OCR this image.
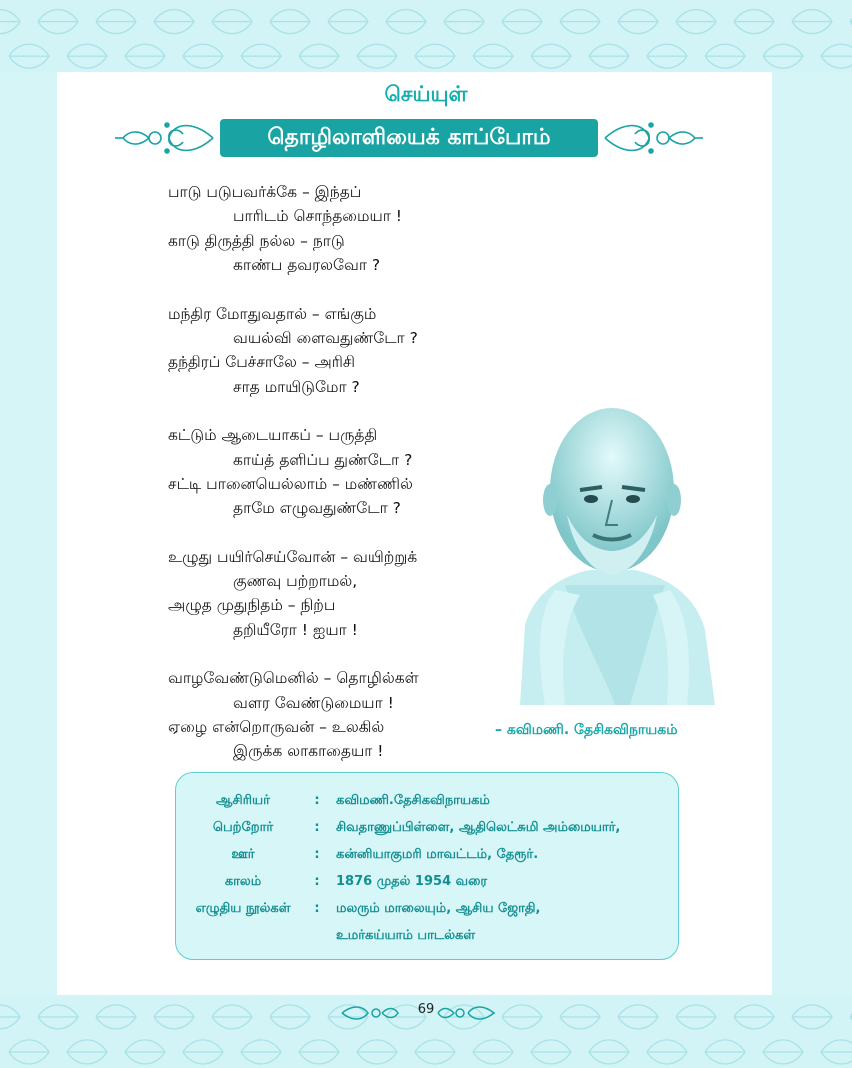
செய்யுள்
தொழிலாளியைக் காப்போம்
பாடு படுபவர்க்கே – இந்தப்
பாரிடம் சொந்தமையா !
காடு திருத்தி நல்ல – நாடு
காண்ப தவரலவோ ?
மந்திர மோதுவதால் – எங்கும்
வயல்வி ளைவதுண்டோ ?
தந்திரப் பேச்சாலே – அரிசி
சாத மாயிடுமோ ?
கட்டும் ஆடையாகப் – பருத்தி
காய்த் தளிப்ப துண்டோ ?
சட்டி பானையெல்லாம் – மண்ணில்
தாமே எழுவதுண்டோ ?
உழுது பயிர்செய்வோன் – வயிற்றுக்
குணவு பற்றாமல்,
அழுத முதுநிதம் – நிற்ப
தறியீரோ ! ஐயா !
வாழவேண்டுமெனில் – தொழில்கள்
வளர வேண்டுமையா !
ஏழை என்றொருவன் – உலகில்
இருக்க லாகாதையா !
– கவிமணி. தேசிகவிநாயகம்
ஆசிரியர்	:	கவிமணி.தேசிகவிநாயகம்
பெற்றோர்	:	சிவதாணுப்பிள்ளை, ஆதிலெட்சுமி அம்மையார்,
ஊர்	:	கன்னியாகுமரி மாவட்டம், தேரூர்.
காலம்	:	1876 முதல் 1954 வரை
எழுதிய நூல்கள்	:	மலரும் மாலையும், ஆசிய ஜோதி,
		உமர்கய்யாம் பாடல்கள்
69
